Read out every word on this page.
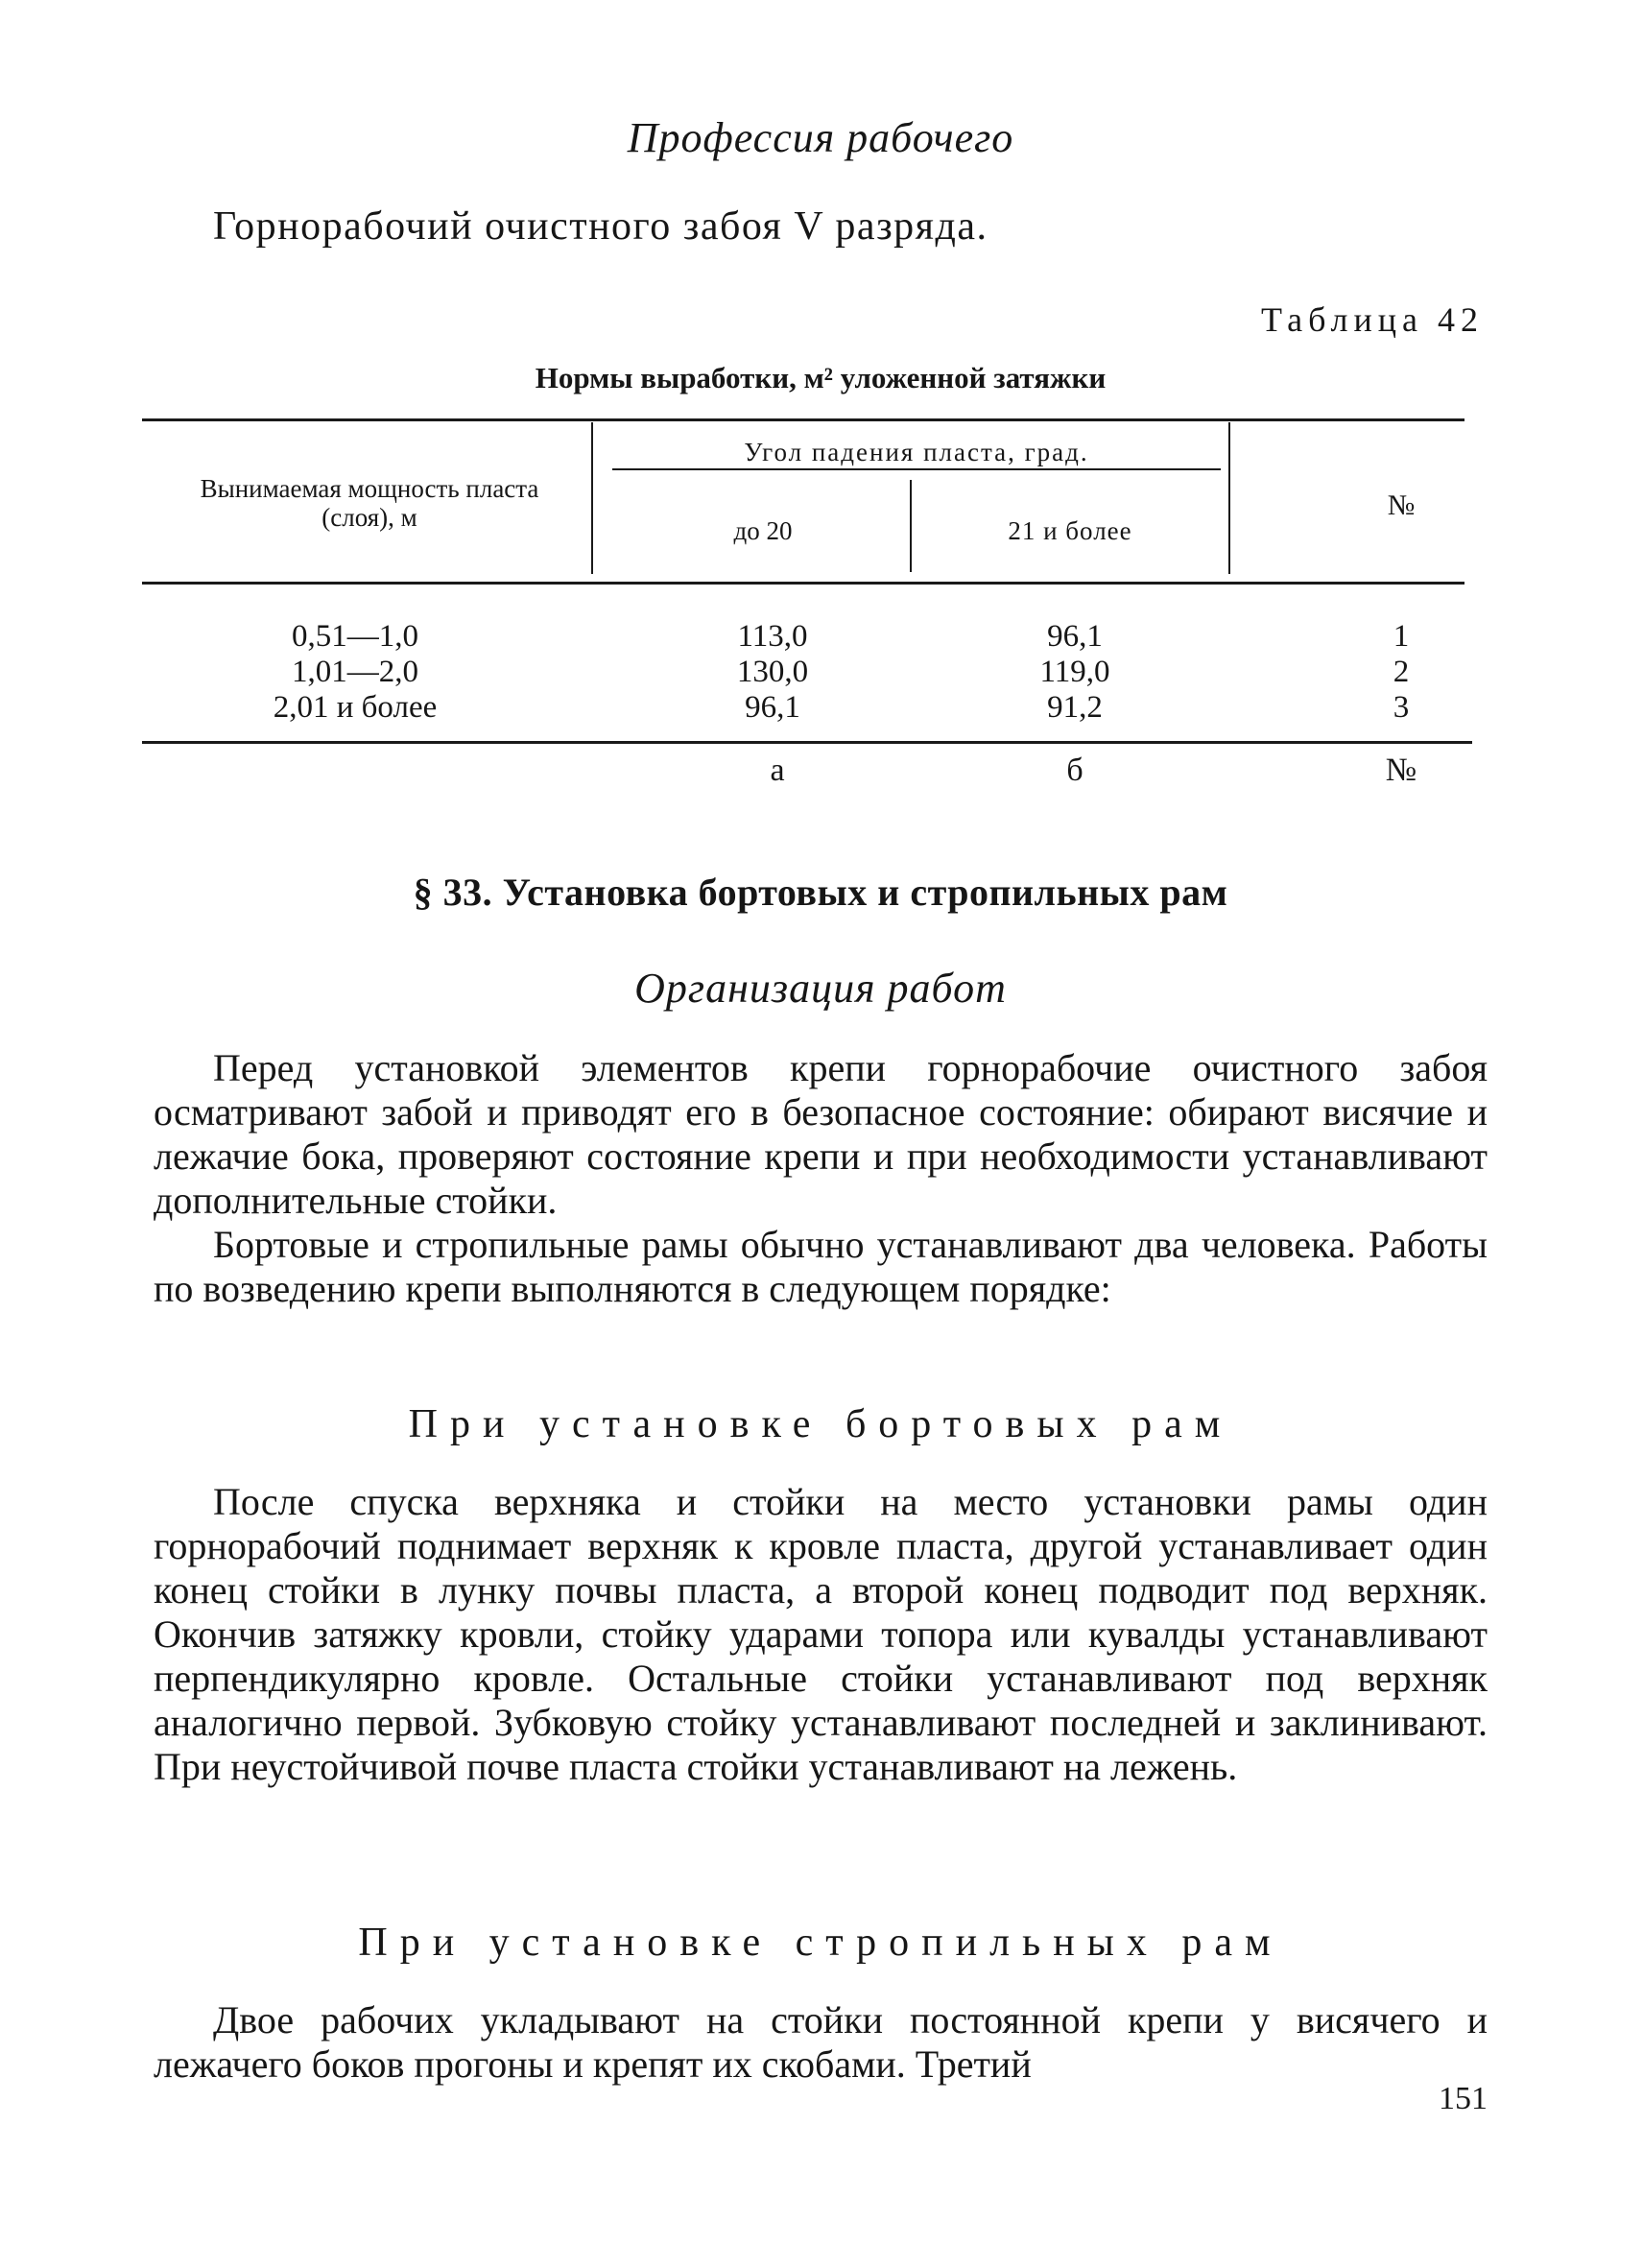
Профессия рабочего
Горнорабочий очистного забоя V разряда.
Таблица 42
Нормы выработки, м² уложенной затяжки
Вынимаемая мощность пласта (слоя), м
Угол падения пласта, град.
до 20	21 и более
№
0,51—1,0	113,0	96,1	1
1,01—2,0	130,0	119,0	2
2,01 и более	96,1	91,2	3
а	б	№
§ 33. Установка бортовых и стропильных рам
Организация работ

Перед установкой элементов крепи горнорабочие очистного забоя осматривают забой и приводят его в безопасное состояние: обирают висячие и лежачие бока, проверяют состояние крепи и при необходимости устанавливают дополнительные стойки.

Бортовые и стропильные рамы обычно устанавливают два человека. Работы по возведению крепи выполняются в следующем порядке:

При установке бортовых рам

После спуска верхняка и стойки на место установки рамы один горнорабочий поднимает верхняк к кровле пласта, другой устанавливает один конец стойки в лунку почвы пласта, а второй конец подводит под верхняк. Окончив затяжку кровли, стойку ударами топора или кувалды устанавливают перпендикулярно кровле. Остальные стойки устанавливают под верхняк аналогично первой. Зубковую стойку устанавливают последней и заклинивают. При неустойчивой почве пласта стойки устанавливают на лежень.

При установке стропильных рам

Двое рабочих укладывают на стойки постоянной крепи у висячего и лежачего боков прогоны и крепят их скобами. Третий

151
